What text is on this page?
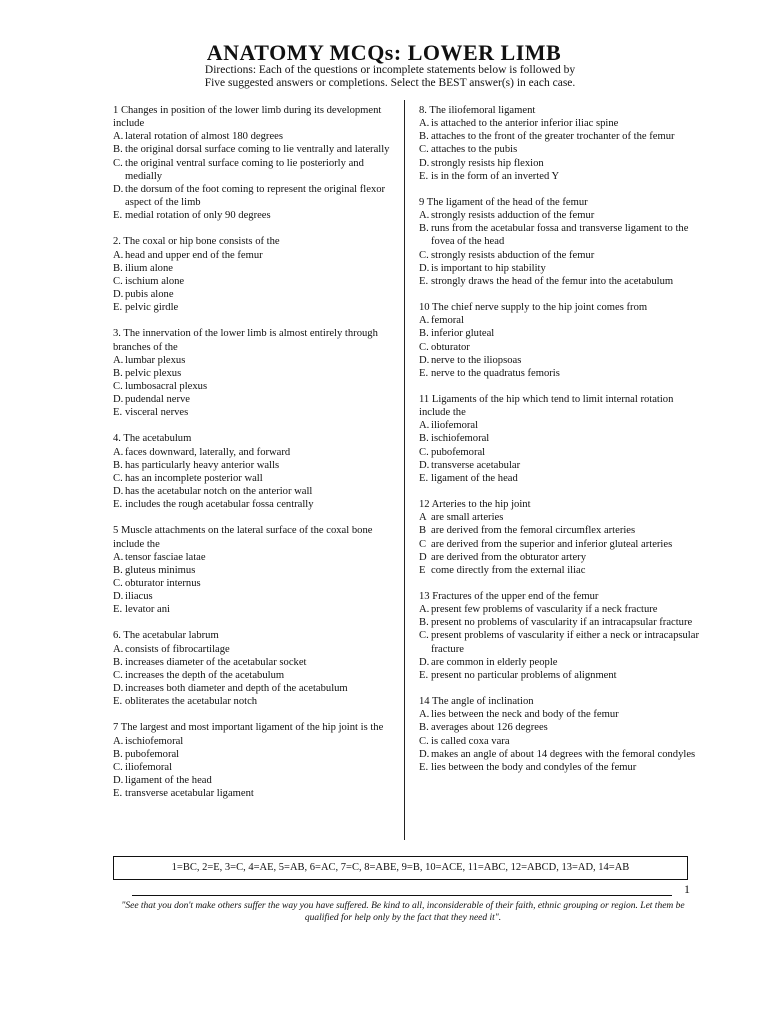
ANATOMY MCQs: LOWER LIMB
Directions: Each of the questions or incomplete statements below is followed by
Five suggested answers or completions. Select the BEST answer(s) in each case.
1 Changes in position of the lower limb during its development include
A. lateral rotation of almost 180 degrees
B. the original dorsal surface coming to lie ventrally and laterally
C. the original ventral surface coming to lie posteriorly and medially
D. the dorsum of the foot coming to represent the original flexor aspect of the limb
E. medial rotation of only 90 degrees
2. The coxal or hip bone consists of the
A. head and upper end of the femur
B. ilium alone
C. ischium alone
D. pubis alone
E. pelvic girdle
3. The innervation of the lower limb is almost entirely through branches of the
A. lumbar plexus
B. pelvic plexus
C. lumbosacral plexus
D. pudendal nerve
E. visceral nerves
4. The acetabulum
A. faces downward, laterally, and forward
B. has particularly heavy anterior walls
C. has an incomplete posterior wall
D. has the acetabular notch on the anterior wall
E. includes the rough acetabular fossa centrally
5 Muscle attachments on the lateral surface of the coxal bone include the
A. tensor fasciae latae
B. gluteus minimus
C. obturator internus
D. iliacus
E. levator ani
6. The acetabular labrum
A. consists of fibrocartilage
B. increases diameter of the acetabular socket
C. increases the depth of the acetabulum
D. increases both diameter and depth of the acetabulum
E. obliterates the acetabular notch
7 The largest and most important ligament of the hip joint is the
A. ischiofemoral
B. pubofemoral
C. iliofemoral
D. ligament of the head
E. transverse acetabular ligament
8. The iliofemoral ligament
A. is attached to the anterior inferior iliac spine
B. attaches to the front of the greater trochanter of the femur
C. attaches to the pubis
D. strongly resists hip flexion
E. is in the form of an inverted Y
9 The ligament of the head of the femur
A. strongly resists adduction of the femur
B. runs from the acetabular fossa and transverse ligament to the fovea of the head
C. strongly resists abduction of the femur
D. is important to hip stability
E. strongly draws the head of the femur into the acetabulum
10 The chief nerve supply to the hip joint comes from
A. femoral
B. inferior gluteal
C. obturator
D. nerve to the iliopsoas
E. nerve to the quadratus femoris
11 Ligaments of the hip which tend to limit internal rotation include the
A. iliofemoral
B. ischiofemoral
C. pubofemoral
D. transverse acetabular
E. ligament of the head
12 Arteries to the hip joint
A are small arteries
B are derived from the femoral circumflex arteries
C are derived from the superior and inferior gluteal arteries
D are derived from the obturator artery
E come directly from the external iliac
13 Fractures of the upper end of the femur
A. present few problems of vascularity if a neck fracture
B. present no problems of vascularity if an intracapsular fracture
C. present problems of vascularity if either a neck or intracapsular fracture
D. are common in elderly people
E. present no particular problems of alignment
14 The angle of inclination
A. lies between the neck and body of the femur
B. averages about 126 degrees
C. is called coxa vara
D. makes an angle of about 14 degrees with the femoral condyles
E. lies between the body and condyles of the femur
1=BC, 2=E, 3=C, 4=AE, 5=AB, 6=AC, 7=C, 8=ABE, 9=B, 10=ACE, 11=ABC, 12=ABCD, 13=AD, 14=AB
1
"See that you don't make others suffer the way you have suffered. Be kind to all, inconsiderable of their faith, ethnic grouping or region. Let them be qualified for help only by the fact that they need it".
